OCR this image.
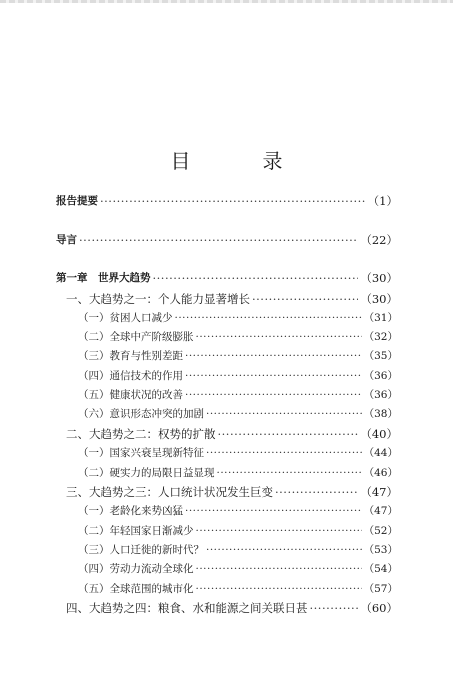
目　录
报告提要 ·····	（1）
导言 ·····	（22）
第一章　世界大趋势 ·····	（30）
一、大趋势之一：个人能力显著增长 ·····	（30）
（一）贫困人口减少 ·····	（31）
（二）全球中产阶级膨胀 ·····	（32）
（三）教育与性别差距 ·····	（35）
（四）通信技术的作用 ·····	（36）
（五）健康状况的改善 ·····	（36）
（六）意识形态冲突的加剧 ·····	（38）
二、大趋势之二：权势的扩散 ·····	（40）
（一）国家兴衰呈现新特征 ·····	（44）
（二）硬实力的局限日益显现 ·····	（46）
三、大趋势之三：人口统计状况发生巨变 ·····	（47）
（一）老龄化来势凶猛 ·····	（47）
（二）年轻国家日渐减少 ·····	（52）
（三）人口迁徙的新时代？ ·····	（53）
（四）劳动力流动全球化 ·····	（54）
（五）全球范围的城市化 ·····	（57）
四、大趋势之四：粮食、水和能源之间关联日甚 ·····	（60）
